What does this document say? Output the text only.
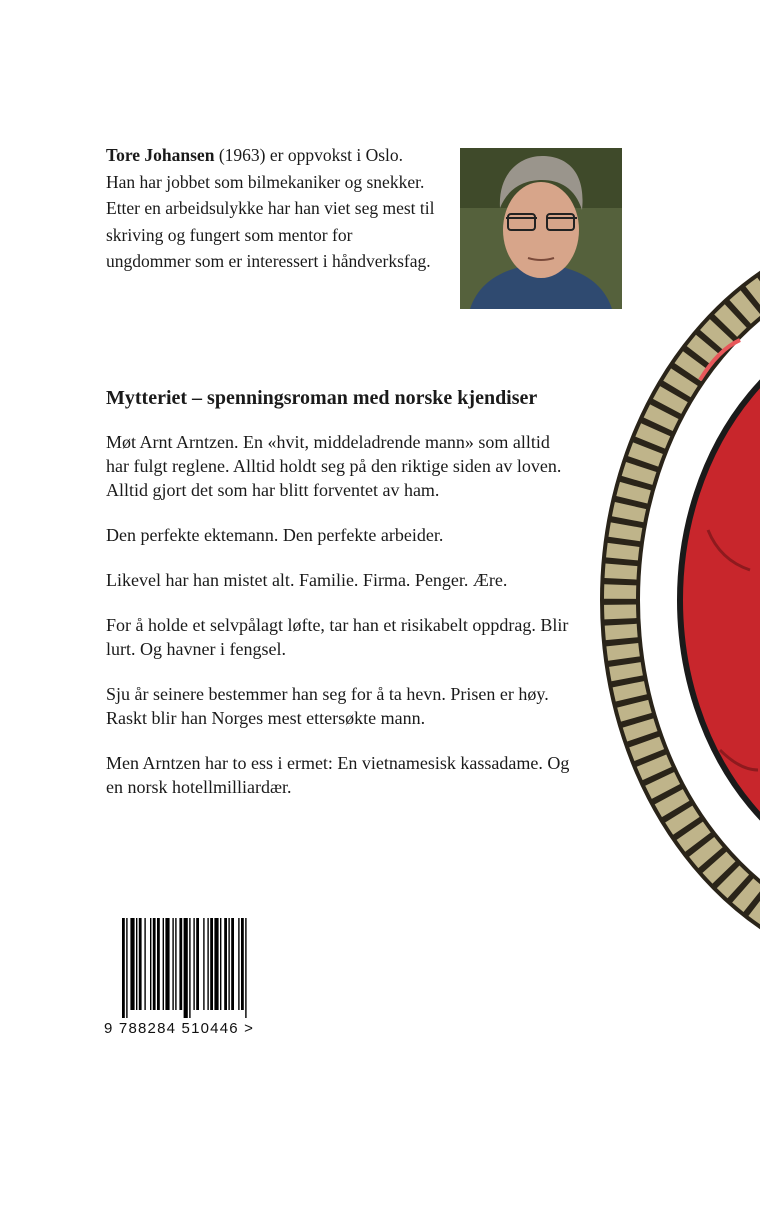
Tore Johansen (1963) er oppvokst i Oslo. Han har jobbet som bilmekaniker og snekker. Etter en arbeidsulykke har han viet seg mest til skriving og fungert som mentor for ungdommer som er interessert i håndverksfag.

Mytteriet – spenningsroman med norske kjendiser

Møt Arnt Arntzen. En «hvit, middeladrende mann» som alltid har fulgt reglene. Alltid holdt seg på den riktige siden av loven. Alltid gjort det som har blitt forventet av ham.

Den perfekte ektemann. Den perfekte arbeider.

Likevel har han mistet alt. Familie. Firma. Penger. Ære.

For å holde et selvpålagt løfte, tar han et risikabelt oppdrag. Blir lurt. Og havner i fengsel.

Sju år seinere bestemmer han seg for å ta hevn. Prisen er høy. Raskt blir han Norges mest ettersøkte mann.

Men Arntzen har to ess i ermet: En vietnamesisk kassadame. Og en norsk hotellmilliardær.

9 788284 510446 >
